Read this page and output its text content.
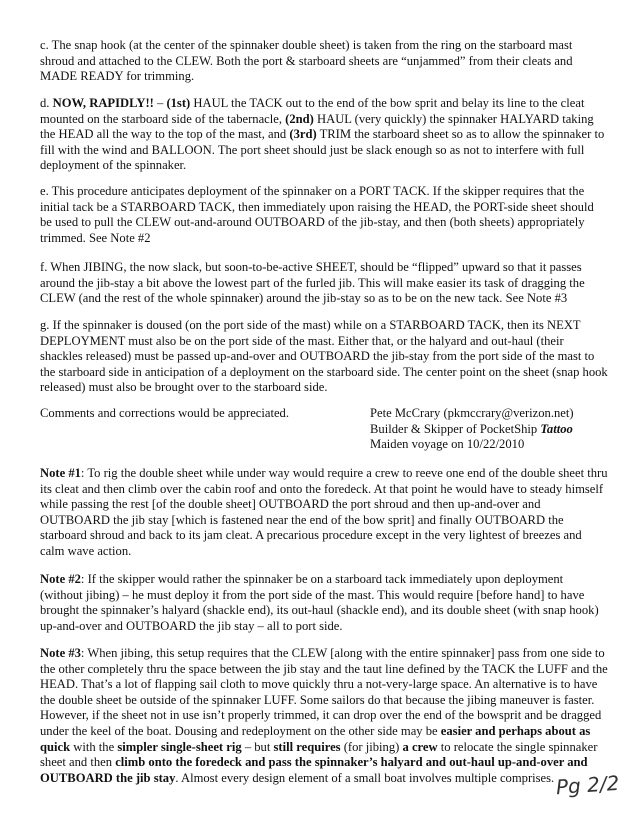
c. The snap hook (at the center of the spinnaker double sheet) is taken from the ring on the starboard mast shroud and attached to the CLEW. Both the port & starboard sheets are “unjammed” from their cleats and MADE READY for trimming.

d. NOW, RAPIDLY!! – (1st) HAUL the TACK out to the end of the bow sprit and belay its line to the cleat mounted on the starboard side of the tabernacle, (2nd) HAUL (very quickly) the spinnaker HALYARD taking the HEAD all the way to the top of the mast, and (3rd) TRIM the starboard sheet so as to allow the spinnaker to fill with the wind and BALLOON. The port sheet should just be slack enough so as not to interfere with full deployment of the spinnaker.

e. This procedure anticipates deployment of the spinnaker on a PORT TACK. If the skipper requires that the initial tack be a STARBOARD TACK, then immediately upon raising the HEAD, the PORT-side sheet should be used to pull the CLEW out-and-around OUTBOARD of the jib-stay, and then (both sheets) appropriately trimmed. See Note #2

f. When JIBING, the now slack, but soon-to-be-active SHEET, should be “flipped” upward so that it passes around the jib-stay a bit above the lowest part of the furled jib. This will make easier its task of dragging the CLEW (and the rest of the whole spinnaker) around the jib-stay so as to be on the new tack. See Note #3

g. If the spinnaker is doused (on the port side of the mast) while on a STARBOARD TACK, then its NEXT DEPLOYMENT must also be on the port side of the mast. Either that, or the halyard and out-haul (their shackles released) must be passed up-and-over and OUTBOARD the jib-stay from the port side of the mast to the starboard side in anticipation of a deployment on the starboard side. The center point on the sheet (snap hook released) must also be brought over to the starboard side.

Comments and corrections would be appreciated.	Pete McCrary (pkmccrary@verizon.net)
Builder & Skipper of PocketShip Tattoo
Maiden voyage on 10/22/2010

Note #1: To rig the double sheet while under way would require a crew to reeve one end of the double sheet thru its cleat and then climb over the cabin roof and onto the foredeck. At that point he would have to steady himself while passing the rest [of the double sheet] OUTBOARD the port shroud and then up-and-over and OUTBOARD the jib stay [which is fastened near the end of the bow sprit] and finally OUTBOARD the starboard shroud and back to its jam cleat. A precarious procedure except in the very lightest of breezes and calm wave action.

Note #2: If the skipper would rather the spinnaker be on a starboard tack immediately upon deployment (without jibing) – he must deploy it from the port side of the mast. This would require [before hand] to have brought the spinnaker’s halyard (shackle end), its out-haul (shackle end), and its double sheet (with snap hook) up-and-over and OUTBOARD the jib stay – all to port side.

Note #3: When jibing, this setup requires that the CLEW [along with the entire spinnaker] pass from one side to the other completely thru the space between the jib stay and the taut line defined by the TACK the LUFF and the HEAD. That’s a lot of flapping sail cloth to move quickly thru a not-very-large space. An alternative is to have the double sheet be outside of the spinnaker LUFF. Some sailors do that because the jibing maneuver is faster. However, if the sheet not in use isn’t properly trimmed, it can drop over the end of the bowsprit and be dragged under the keel of the boat. Dousing and redeployment on the other side may be easier and perhaps about as quick with the simpler single-sheet rig – but still requires (for jibing) a crew to relocate the single spinnaker sheet and then climb onto the foredeck and pass the spinnaker’s halyard and out-haul up-and-over and OUTBOARD the jib stay. Almost every design element of a small boat involves multiple comprises. Pg 2/2
